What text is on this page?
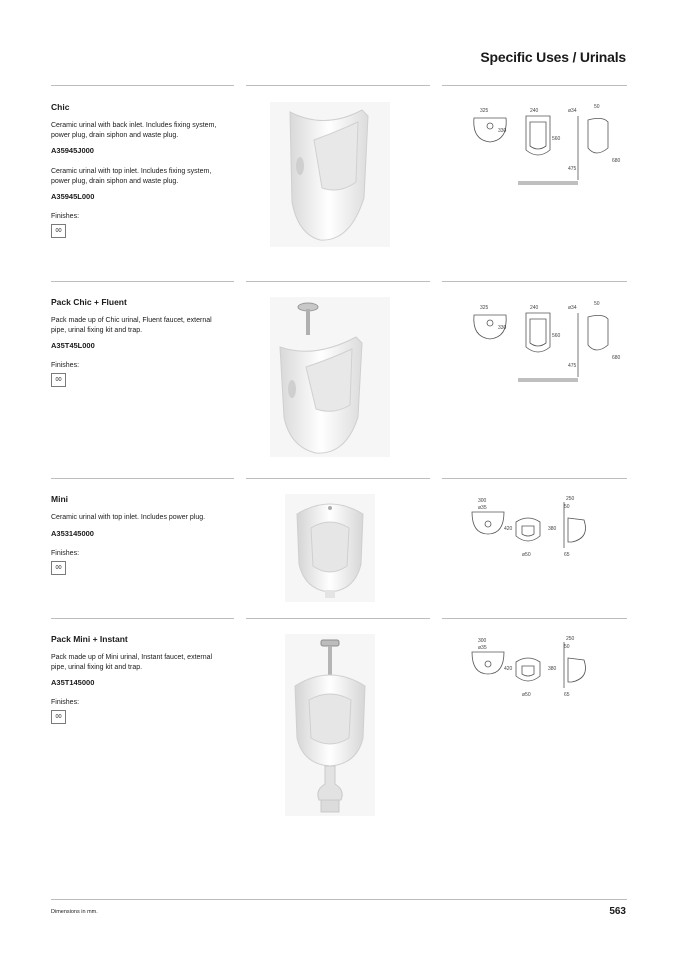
Specific Uses / Urinals
Chic
Ceramic urinal with back inlet. Includes fixing system, power plug, drain siphon and waste plug.
A35945J000
Ceramic urinal with top inlet. Includes fixing system, power plug, drain siphon and waste plug.
A35945L000
Finishes:
00
325
330
240
560
ø34
50
475
680
Pack Chic + Fluent
Pack made up of Chic urinal, Fluent faucet, external pipe, urinal fixing kit and trap.
A35T45L000
Finishes:
00
325
330
240
560
ø34
50
475
680
Mini
Ceramic urinal with top inlet. Includes power plug.
A353145000
Finishes:
00
300
ø35
420
ø50
250
50
380
65
Pack Mini + Instant
Pack made up of Mini urinal, Instant faucet, external pipe, urinal fixing kit and trap.
A35T145000
Finishes:
00
300
ø35
420
ø50
250
50
380
65
Dimensions in mm.	563
